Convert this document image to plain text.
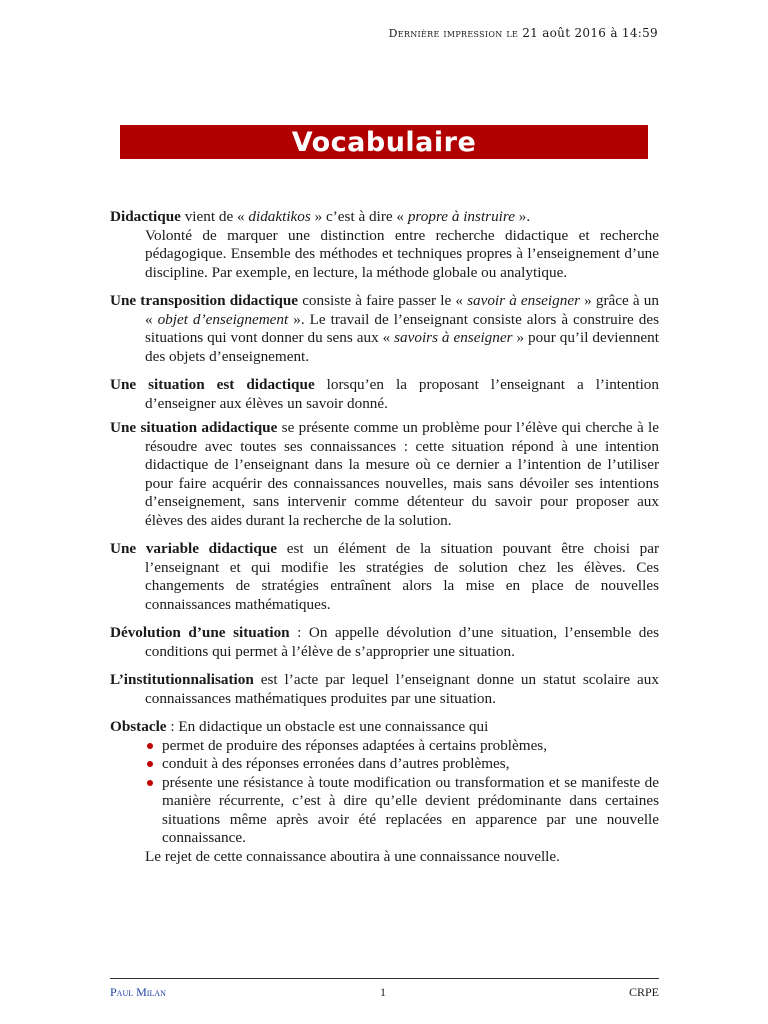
Dernière impression le 21 août 2016 à 14:59
Vocabulaire

Didactique vient de « didaktikos » c’est à dire « propre à instruire ».

Volonté de marquer une distinction entre recherche didactique et recherche pédagogique. Ensemble des méthodes et techniques propres à l’enseignement d’une discipline. Par exemple, en lecture, la méthode globale ou analytique.

Une transposition didactique consiste à faire passer le « savoir à enseigner » grâce à un « objet d’enseignement ». Le travail de l’enseignant consiste alors à construire des situations qui vont donner du sens aux « savoirs à enseigner » pour qu’il deviennent des objets d’enseignement.

Une situation est didactique lorsqu’en la proposant l’enseignant a l’intention d’enseigner aux élèves un savoir donné.

Une situation adidactique se présente comme un problème pour l’élève qui cherche à le résoudre avec toutes ses connaissances : cette situation répond à une intention didactique de l’enseignant dans la mesure où ce dernier a l’intention de l’utiliser pour faire acquérir des connaissances nouvelles, mais sans dévoiler ses intentions d’enseignement, sans intervenir comme détenteur du savoir pour proposer aux élèves des aides durant la recherche de la solution.

Une variable didactique est un élément de la situation pouvant être choisi par l’enseignant et qui modifie les stratégies de solution chez les élèves. Ces changements de stratégies entraînent alors la mise en place de nouvelles connaissances mathématiques.

Dévolution d’une situation : On appelle dévolution d’une situation, l’ensemble des conditions qui permet à l’élève de s’approprier une situation.

L’institutionnalisation est l’acte par lequel l’enseignant donne un statut scolaire aux connaissances mathématiques produites par une situation.

Obstacle : En didactique un obstacle est une connaissance qui

permet de produire des réponses adaptées à certains problèmes,
conduit à des réponses erronées dans d’autres problèmes,
présente une résistance à toute modification ou transformation et se manifeste de manière récurrente, c’est à dire qu’elle devient prédominante dans certaines situations même après avoir été replacées en apparence par une nouvelle connaissance.

Le rejet de cette connaissance aboutira à une connaissance nouvelle.

Paul Milan	1	CRPE
